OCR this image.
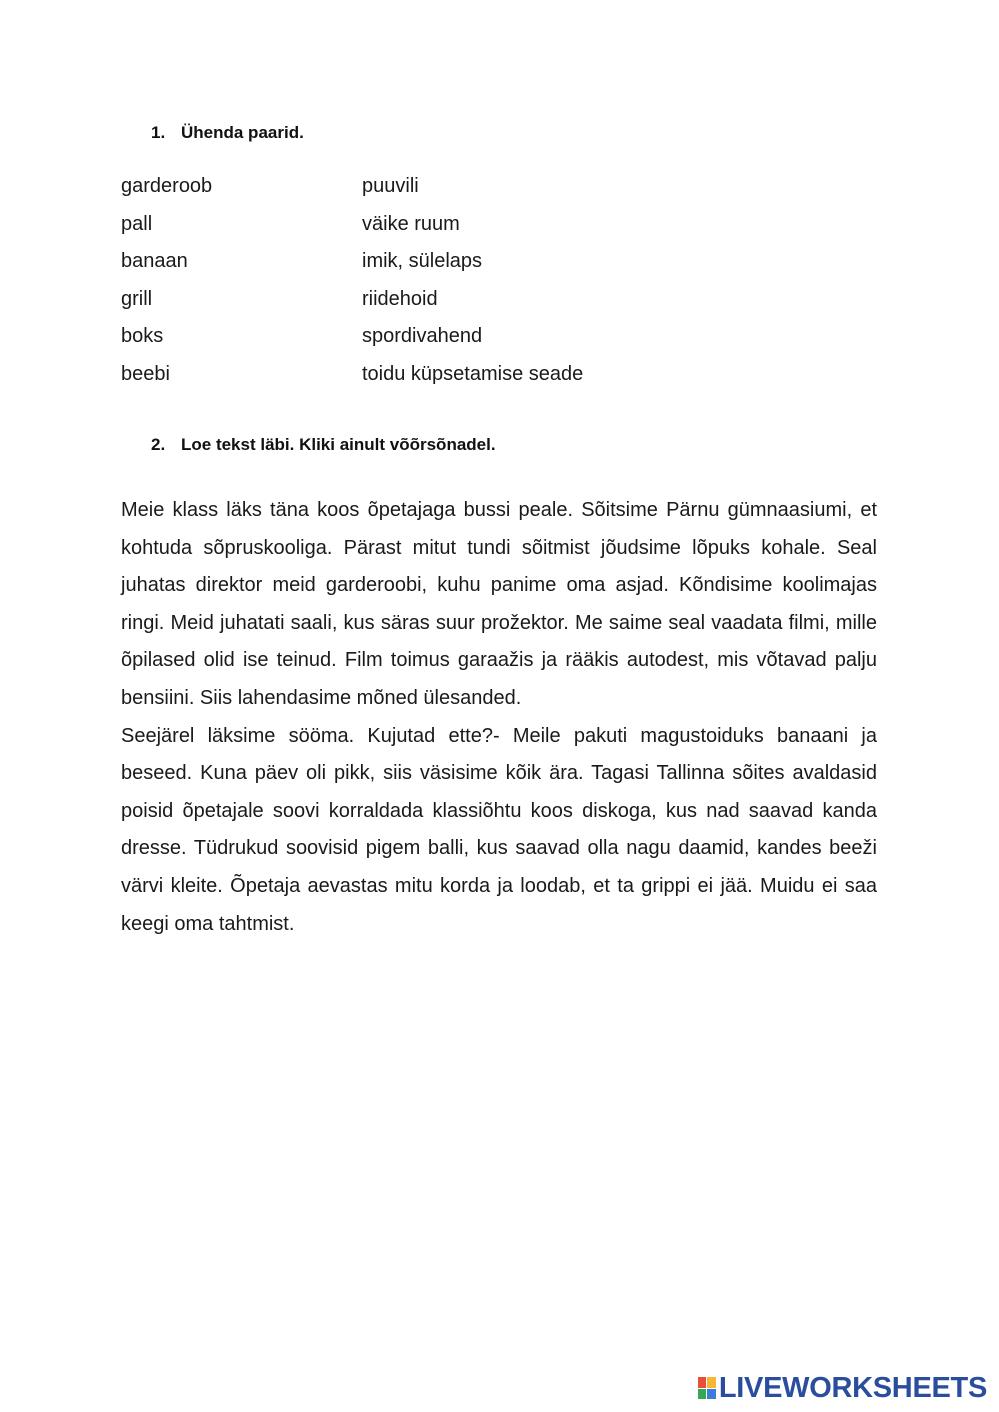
1. Ühenda paarid.
garderoob	puuvili
pall	väike ruum
banaan	imik, sülelaps
grill	riidehoid
boks	spordivahend
beebi	toidu küpsetamise seade
2. Loe tekst läbi. Kliki ainult võõrsõnadel.

Meie klass läks täna koos õpetajaga bussi peale. Sõitsime Pärnu gümnaasiumi, et kohtuda sõpruskooliga. Pärast mitut tundi sõitmist jõudsime lõpuks kohale. Seal juhatas direktor meid garderoobi, kuhu panime oma asjad. Kõndisime koolimajas ringi. Meid juhatati saali, kus säras suur prožektor. Me saime seal vaadata filmi, mille õpilased olid ise teinud. Film toimus garaažis ja rääkis autodest, mis võtavad palju bensiini. Siis lahendasime mõned ülesanded.

Seejärel läksime sööma. Kujutad ette?- Meile pakuti magustoiduks banaani ja beseed. Kuna päev oli pikk, siis väsisime kõik ära. Tagasi Tallinna sõites avaldasid poisid õpetajale soovi korraldada klassiõhtu koos diskoga, kus nad saavad kanda dresse. Tüdrukud soovisid pigem balli, kus saavad olla nagu daamid, kandes beeži värvi kleite. Õpetaja aevastas mitu korda ja loodab, et ta grippi ei jää. Muidu ei saa keegi oma tahtmist.

LIVEWORKSHEETS
